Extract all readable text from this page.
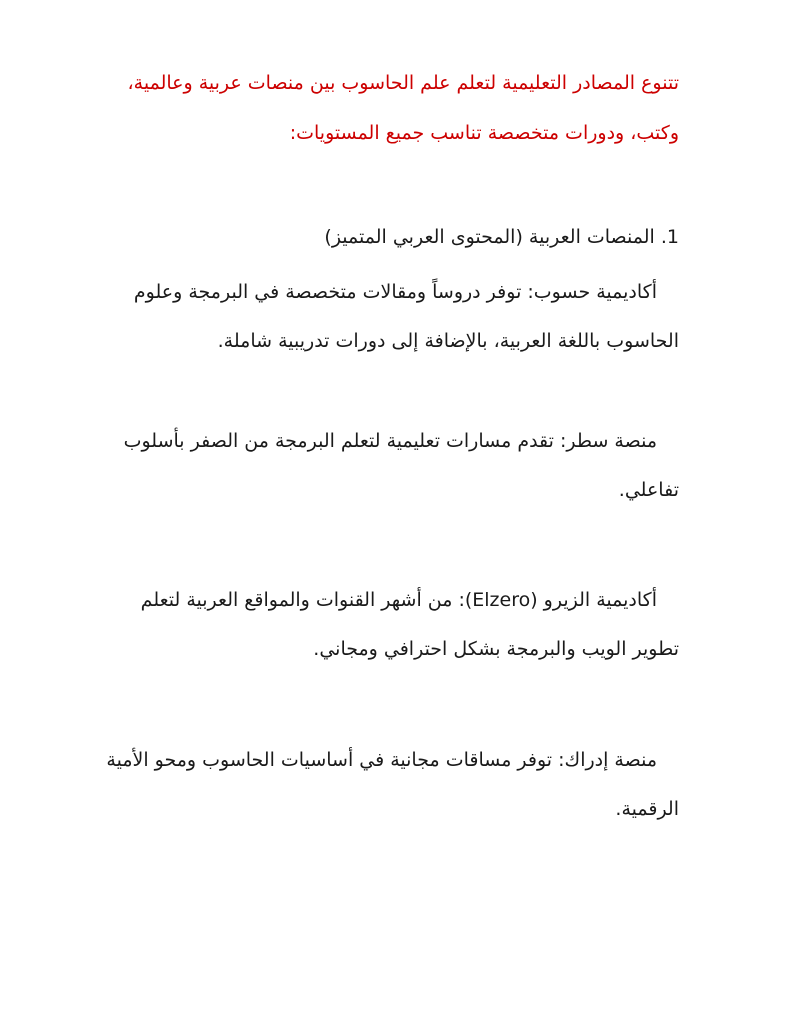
تتنوع المصادر التعليمية لتعلم علم الحاسوب بين منصات عربية وعالمية، وكتب، ودورات متخصصة تناسب جميع المستويات:

1. المنصات العربية (المحتوى العربي المتميز)

أكاديمية حسوب: توفر دروساً ومقالات متخصصة في البرمجة وعلوم الحاسوب باللغة العربية، بالإضافة إلى دورات تدريبية شاملة.

منصة سطر: تقدم مسارات تعليمية لتعلم البرمجة من الصفر بأسلوب تفاعلي.

أكاديمية الزيرو (Elzero): من أشهر القنوات والمواقع العربية لتعلم تطوير الويب والبرمجة بشكل احترافي ومجاني.

منصة إدراك: توفر مساقات مجانية في أساسيات الحاسوب ومحو الأمية الرقمية.
